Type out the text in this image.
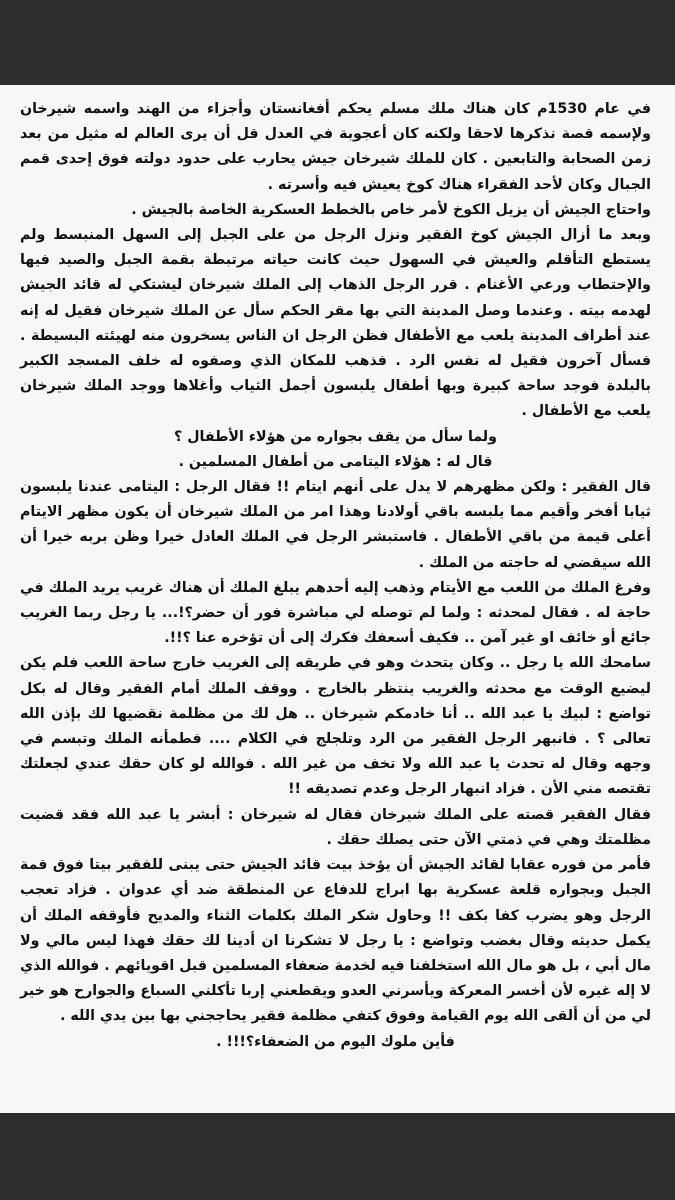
في عام 1530م كان هناك ملك مسلم يحكم أفغانستان وأجزاء من الهند واسمه شيرخان ولإسمه قصة نذكرها لاحقا ولكنه كان أعجوبة في العدل قل أن يرى العالم له مثيل من بعد زمن الصحابة والتابعين . كان للملك شيرخان جيش يحارب على حدود دولته فوق إحدى قمم الجبال وكان لأحد الفقراء هناك كوخ يعيش فيه وأسرته .

واحتاج الجيش أن يزيل الكوخ لأمر خاص بالخطط العسكرية الخاصة بالجيش .

وبعد ما أزال الجيش كوخ الفقير ونزل الرجل من على الجبل إلى السهل المنبسط ولم يستطع التأقلم والعيش في السهول حيث كانت حياته مرتبطة بقمة الجبل والصيد فيها والإحتطاب ورعي الأغنام . قرر الرجل الذهاب إلى الملك شيرخان ليشتكي له قائد الجيش لهدمه بيته . وعندما وصل المدينة التي بها مقر الحكم سأل عن الملك شيرخان فقيل له إنه عند أطراف المدينة يلعب مع الأطفال فظن الرجل ان الناس يسخرون منه لهيئته البسيطة . فسأل آخرون فقيل له نفس الرد . فذهب للمكان الذي وصفوه له خلف المسجد الكبير بالبلدة فوجد ساحة كبيرة وبها أطفال يلبسون أجمل الثياب وأغلاها ووجد الملك شيرخان يلعب مع الأطفال .

ولما سأل من يقف بجواره من هؤلاء الأطفال ؟

قال له : هؤلاء اليتامى من أطفال المسلمين .

قال الفقير : ولكن مظهرهم لا يدل على أنهم ايتام !! فقال الرجل : اليتامى عندنا يلبسون ثيابا أفخر وأقيم مما يلبسه باقي أولادنا وهذا امر من الملك شيرخان أن يكون مظهر الايتام أعلى قيمة من باقي الأطفال . فاستبشر الرجل في الملك العادل خيرا وظن بربه خيرا أن الله سيقضي له حاجته من الملك .

وفرغ الملك من اللعب مع الأيتام وذهب إليه أحدهم يبلغ الملك أن هناك غريب يريد الملك في حاجة له . فقال لمحدثه : ولما لم توصله لي مباشرة فور أن حضر؟!... يا رجل ربما الغريب جائع أو خائف او غير آمن .. فكيف أسعفك فكرك إلى أن تؤخره عنا ؟!!.

سامحك الله يا رجل .. وكان يتحدث وهو في طريقه إلى الغريب خارج ساحة اللعب فلم يكن ليضيع الوقت مع محدثه والغريب ينتظر بالخارج . ووقف الملك أمام الفقير وقال له بكل تواضع : لبيك يا عبد الله .. أنا خادمكم شيرخان .. هل لك من مظلمة نقضيها لك بإذن الله تعالى ؟ . فانبهر الرجل الفقير من الرد وتلجلج في الكلام .... فطمأنه الملك وتبسم في وجهه وقال له تحدث يا عبد الله ولا تخف من غير الله . فوالله لو كان حقك عندي لجعلتك تقتصه مني الأن . فزاد انبهار الرجل وعدم تصديقه !!

فقال الفقير قصته على الملك شيرخان فقال له شيرخان : أبشر يا عبد الله فقد قضيت مظلمتك وهي في ذمتي الآن حتى يصلك حقك .

فأمر من فوره عقابا لقائد الجيش أن يؤخذ بيت قائد الجيش حتى يبنى للفقير بيتا فوق قمة الجبل وبجواره قلعة عسكرية بها ابراج للدفاع عن المنطقة ضد أي عدوان . فزاد تعجب الرجل وهو يضرب كفا بكف !! وحاول شكر الملك بكلمات الثناء والمديح فأوقفه الملك أن يكمل حديثه وقال بغضب وتواضع : يا رجل لا تشكرنا ان أدينا لك حقك فهذا ليس مالي ولا مال أبي ، بل هو مال الله استخلفنا فيه لخدمة ضعفاء المسلمين قبل اقويائهم . فوالله الذي لا إله غيره لأن أخسر المعركة ويأسرني العدو ويقطعني إربا تأكلني السباع والجوارح هو خير لي من أن ألقى الله يوم القيامة وفوق كتفي مظلمة فقير يحاججني بها بين يدي الله .

فأين ملوك اليوم من الضعفاء؟!!! .
